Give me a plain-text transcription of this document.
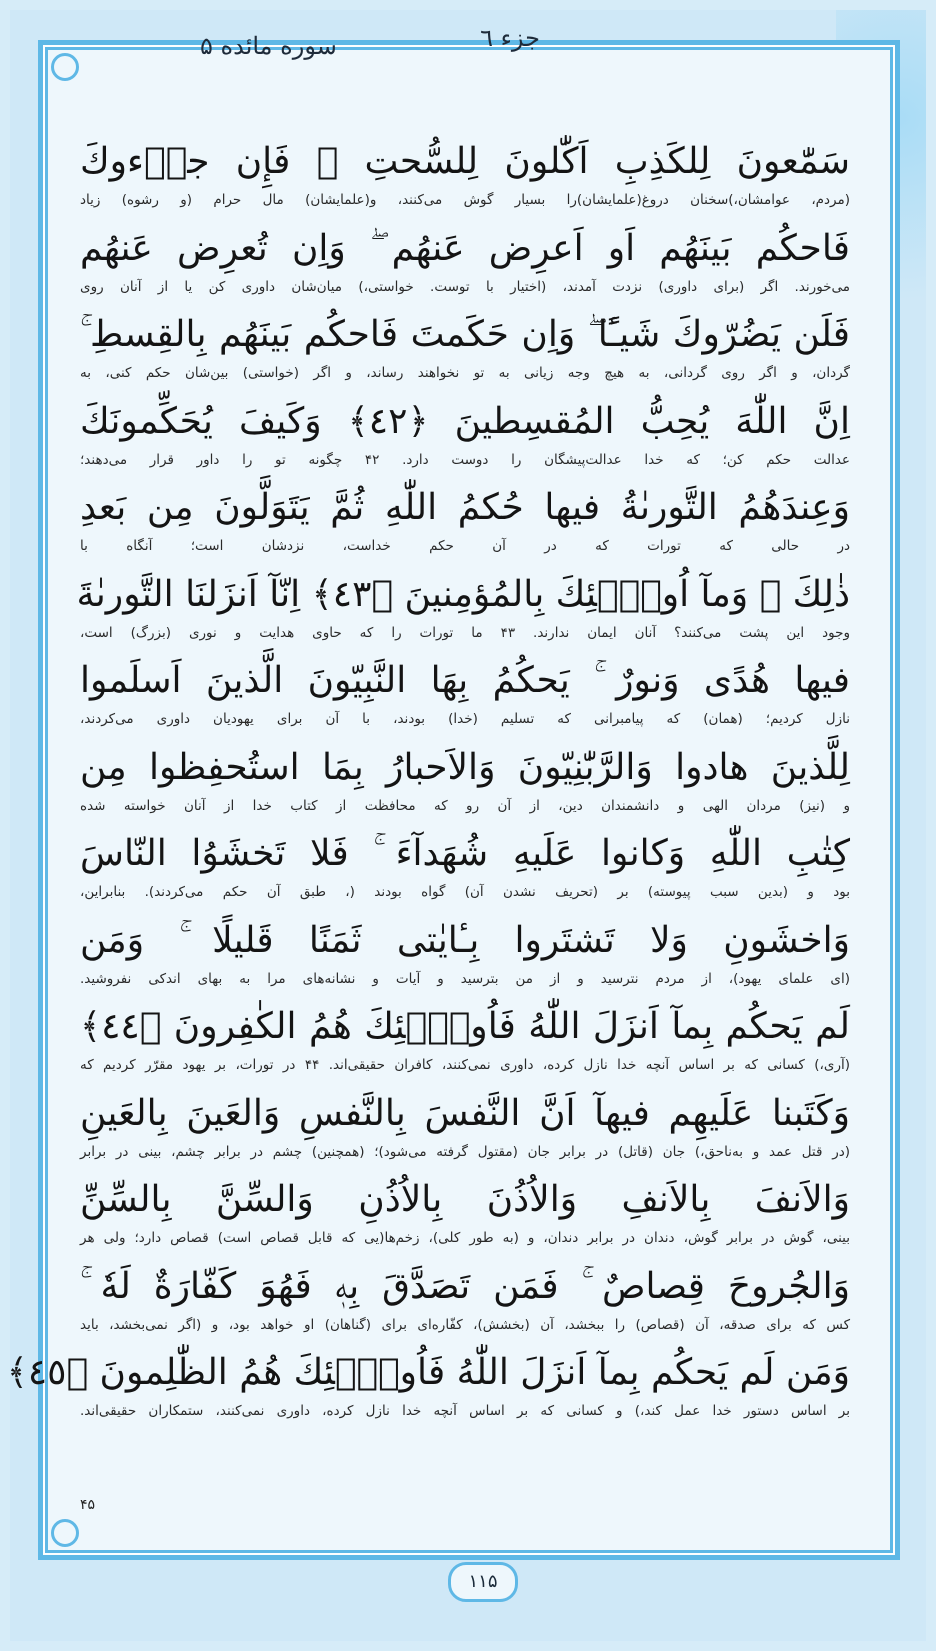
جزء ٦
سوره مائده ۵
سَمّٰعونَ لِلكَذِبِ اَكّٰلونَ لِلسُّحتِ ۚ فَإِن جاۤءوكَ
(مردم، عوامشان،)سخنان دروغ(علمایشان)را بسیار گوش می‌کنند، و(علمایشان) مال حرام (و رشوه) زیاد
فَاحكُم بَينَهُم اَو اَعرِض عَنهُم ۖ وَاِن تُعرِض عَنهُم
می‌خورند. اگر (برای داوری) نزدت آمدند، (اختیار با توست. خواستی،) میان‌شان داوری کن یا از آنان روی
فَلَن يَضُرّوكَ شَيـًٔا ۖ وَاِن حَكَمتَ فَاحكُم بَينَهُم بِالقِسطِ ۚ
گردان، و اگر روی گردانی، به هیچ وجه زیانی به تو نخواهند رساند، و اگر (خواستی) بین‌شان حکم کنی، به
اِنَّ اللّٰهَ يُحِبُّ المُقسِطينَ ﴿٤٢﴾ وَكَيفَ يُحَكِّمونَكَ
عدالت حکم کن؛ که خدا عدالت‌پیشگان را دوست دارد. ۴۲ چگونه تو را داور قرار می‌دهند؛
وَعِندَهُمُ التَّورىٰةُ فيها حُكمُ اللّٰهِ ثُمَّ يَتَوَلَّونَ مِن بَعدِ
در حالی که تورات که در آن حکم خداست، نزدشان است؛ آنگاه با
ذٰلِكَ ۚ وَمآ اُولٰۤئِكَ بِالمُؤمِنينَ ﴿٤٣﴾ اِنّآ اَنزَلنَا التَّورىٰةَ
وجود این پشت می‌کنند؟ آنان ایمان ندارند. ۴۳ ما تورات را که حاوی هدایت و نوری (بزرگ) است،
فيها هُدًى وَنورٌ ۚ يَحكُمُ بِهَا النَّبِيّونَ الَّذينَ اَسلَموا
نازل کردیم؛ (همان) که پیامبرانی که تسلیم (خدا) بودند، با آن برای یهودیان داوری می‌کردند،
لِلَّذينَ هادوا وَالرَّبّٰنِيّونَ وَالاَحبارُ بِمَا استُحفِظوا مِن
و (نیز) مردان الهی و دانشمندان دین، از آن رو که محافظت از کتاب خدا از آنان خواسته شده
كِتٰبِ اللّٰهِ وَكانوا عَلَيهِ شُهَدآءَ ۚ فَلا تَخشَوُا النّاسَ
بود و (بدین سبب پیوسته) بر (تحریف نشدن آن) گواه بودند (، طبق آن حکم می‌کردند). بنابراین،
وَاخشَونِ وَلا تَشتَروا بِـٔايٰتى ثَمَنًا قَليلًا ۚ وَمَن
(ای علمای یهود)، از مردم نترسید و از من بترسید و آیات و نشانه‌های مرا به بهای اندکی نفروشید.
لَم يَحكُم بِمآ اَنزَلَ اللّٰهُ فَاُولٰۤئِكَ هُمُ الكٰفِرونَ ﴿٤٤﴾
(آری،) کسانی که بر اساس آنچه خدا نازل کرده، داوری نمی‌کنند، کافران حقیقی‌اند. ۴۴ در تورات، بر یهود مقرّر کردیم که
وَكَتَبنا عَلَيهِم فيهآ اَنَّ النَّفسَ بِالنَّفسِ وَالعَينَ بِالعَينِ
(در قتل عمد و به‌ناحق،) جان (قاتل) در برابر جان (مقتول گرفته می‌شود)؛ (همچنین) چشم در برابر چشم، بینی در برابر
وَالاَنفَ بِالاَنفِ وَالاُذُنَ بِالاُذُنِ وَالسِّنَّ بِالسِّنِّ
بینی، گوش در برابر گوش، دندان در برابر دندان، و (به طور کلی)، زخم‌ها(یی که قابل قصاص است) قصاص دارد؛ ولی هر
وَالجُروحَ قِصاصٌ ۚ فَمَن تَصَدَّقَ بِهٖ فَهُوَ كَفّارَةٌ لَهٗ ۚ
کس که برای صدقه، آن (قصاص) را ببخشد، آن (بخشش)، کفّاره‌ای برای (گناهان) او خواهد بود، و (اگر نمی‌بخشد، باید
وَمَن لَم يَحكُم بِمآ اَنزَلَ اللّٰهُ فَاُولٰۤئِكَ هُمُ الظّٰلِمونَ ﴿٤٥﴾
بر اساس دستور خدا عمل کند،) و کسانی که بر اساس آنچه خدا نازل کرده، داوری نمی‌کنند، ستمکاران حقیقی‌اند.
۴۵
۱۱۵
